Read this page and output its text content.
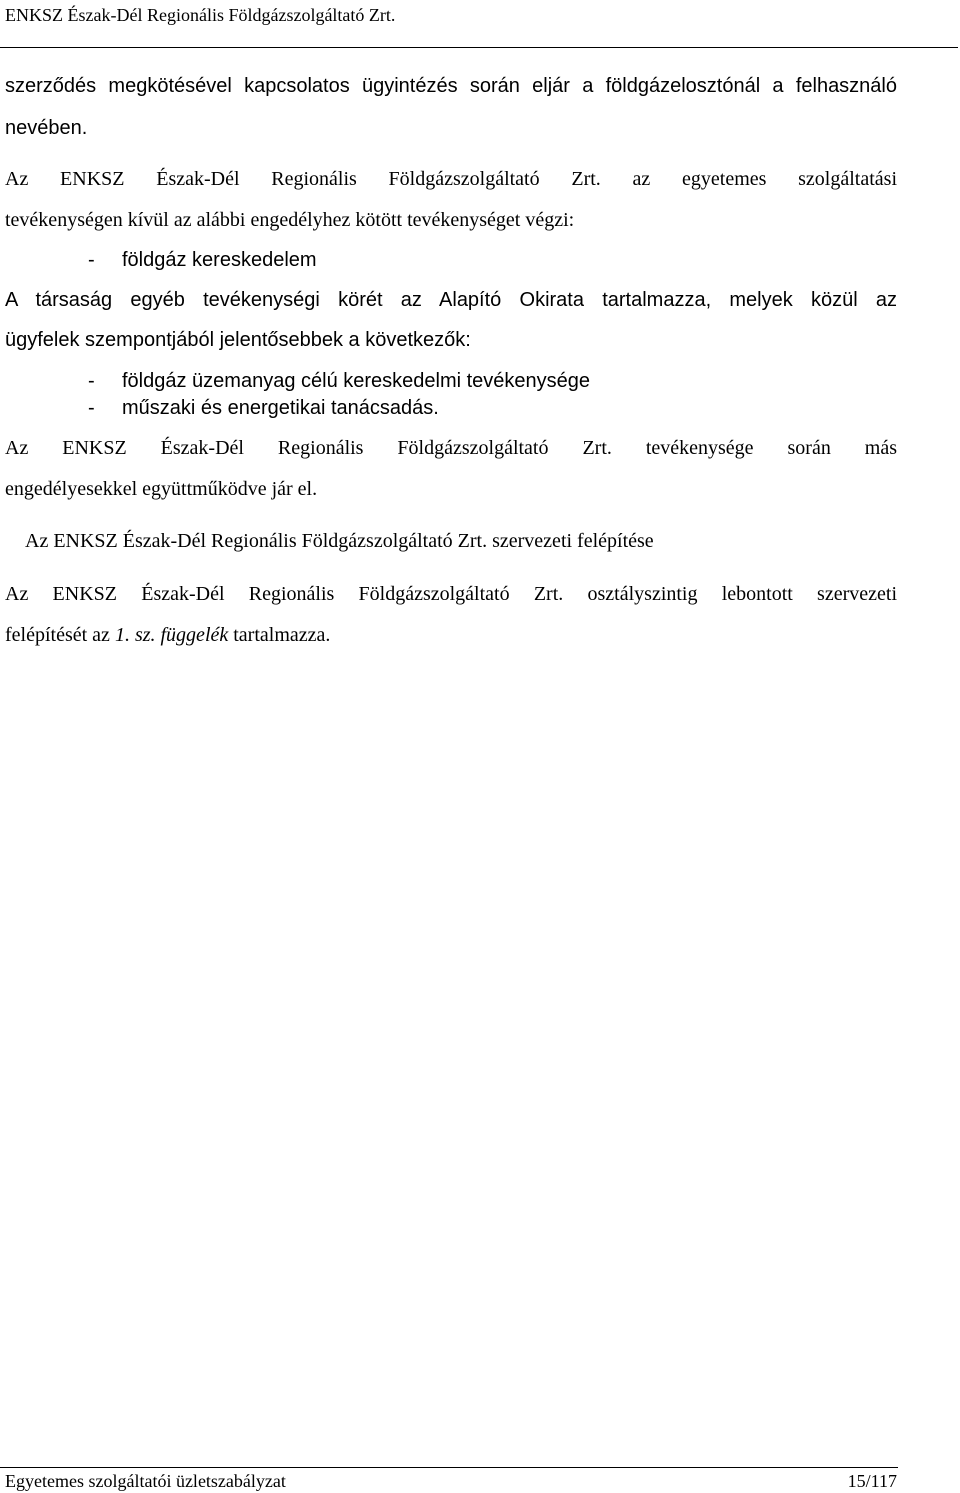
ENKSZ Észak-Dél Regionális Földgázszolgáltató Zrt.
szerződés megkötésével kapcsolatos ügyintézés során eljár a földgázelosztónál a felhasználó
nevében.
Az ENKSZ Észak-Dél Regionális Földgázszolgáltató Zrt. az egyetemes szolgáltatási
tevékenységen kívül az alábbi engedélyhez kötött tevékenységet végzi:
- földgáz kereskedelem
A társaság egyéb tevékenységi körét az Alapító Okirata tartalmazza, melyek közül az
ügyfelek szempontjából jelentősebbek a következők:
- földgáz üzemanyag célú kereskedelmi tevékenysége
- műszaki és energetikai tanácsadás.
Az ENKSZ Észak-Dél Regionális Földgázszolgáltató Zrt. tevékenysége során más
engedélyesekkel együttműködve jár el.
Az ENKSZ Észak-Dél Regionális Földgázszolgáltató Zrt. szervezeti felépítése
Az ENKSZ Észak-Dél Regionális Földgázszolgáltató Zrt. osztályszintig lebontott szervezeti
felépítését az 1. sz. függelék tartalmazza.
Egyetemes szolgáltatói üzletszabályzat	15/117
